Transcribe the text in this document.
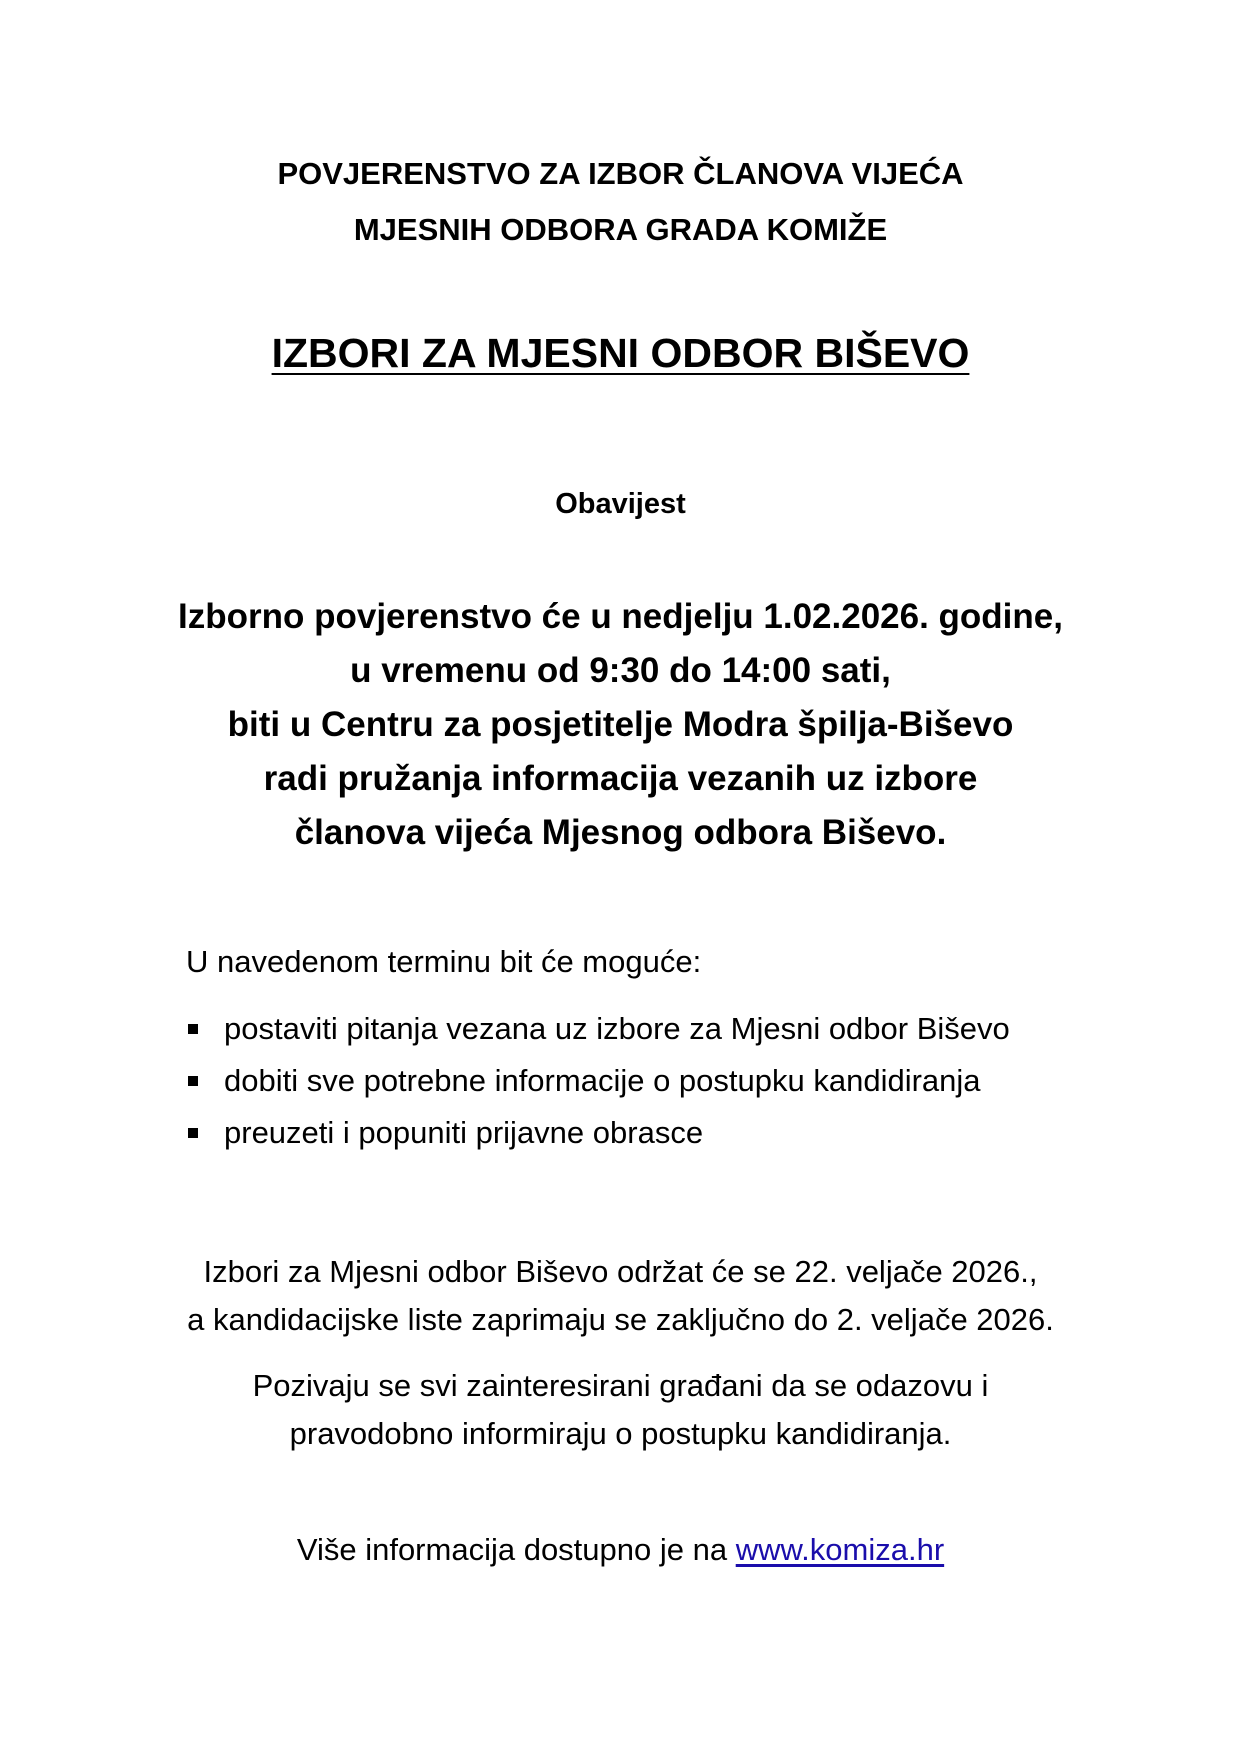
POVJERENSTVO ZA IZBOR ČLANOVA VIJEĆA

MJESNIH ODBORA GRADA KOMIŽE

IZBORI ZA MJESNI ODBOR BIŠEVO

Obavijest

Izborno povjerenstvo će u nedjelju 1.02.2026. godine,

u vremenu od 9:30 do 14:00 sati,

biti u Centru za posjetitelje Modra špilja-Biševo

radi pružanja informacija vezanih uz izbore

članova vijeća Mjesnog odbora Biševo.

U navedenom terminu bit će moguće:

postaviti pitanja vezana uz izbore za Mjesni odbor Biševo
dobiti sve potrebne informacije o postupku kandidiranja
preuzeti i popuniti prijavne obrasce

Izbori za Mjesni odbor Biševo održat će se 22. veljače 2026.,

a kandidacijske liste zaprimaju se zaključno do 2. veljače 2026.

Pozivaju se svi zainteresirani građani da se odazovu i

pravodobno informiraju o postupku kandidiranja.

Više informacija dostupno je na www.komiza.hr
